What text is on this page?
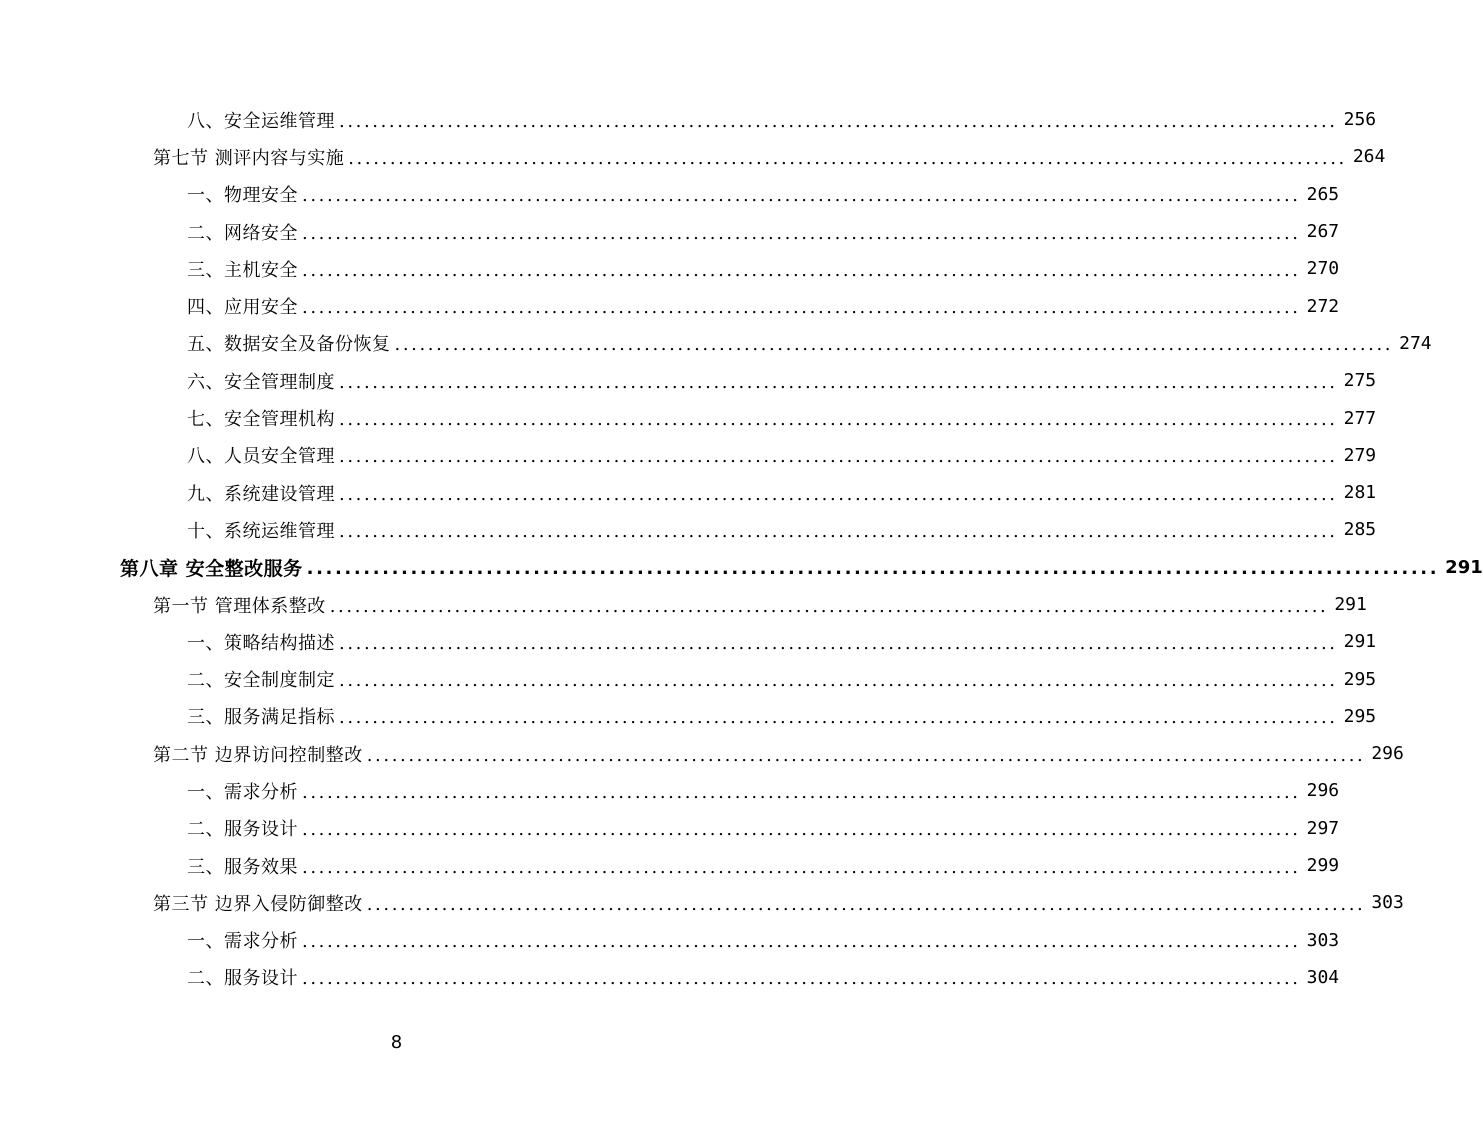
八、安全运维管理 ........................................................................................................................ 256
第七节 测评内容与实施 ........................................................................................................................ 264
一、物理安全 ........................................................................................................................ 265
二、网络安全 ........................................................................................................................ 267
三、主机安全 ........................................................................................................................ 270
四、应用安全 ........................................................................................................................ 272
五、数据安全及备份恢复 ........................................................................................................................ 274
六、安全管理制度 ........................................................................................................................ 275
七、安全管理机构 ........................................................................................................................ 277
八、人员安全管理 ........................................................................................................................ 279
九、系统建设管理 ........................................................................................................................ 281
十、系统运维管理 ........................................................................................................................ 285
第八章 安全整改服务 ........................................................................................................................ 291
第一节 管理体系整改 ........................................................................................................................ 291
一、策略结构描述 ........................................................................................................................ 291
二、安全制度制定 ........................................................................................................................ 295
三、服务满足指标 ........................................................................................................................ 295
第二节 边界访问控制整改 ........................................................................................................................ 296
一、需求分析 ........................................................................................................................ 296
二、服务设计 ........................................................................................................................ 297
三、服务效果 ........................................................................................................................ 299
第三节 边界入侵防御整改 ........................................................................................................................ 303
一、需求分析 ........................................................................................................................ 303
二、服务设计 ........................................................................................................................ 304
8
